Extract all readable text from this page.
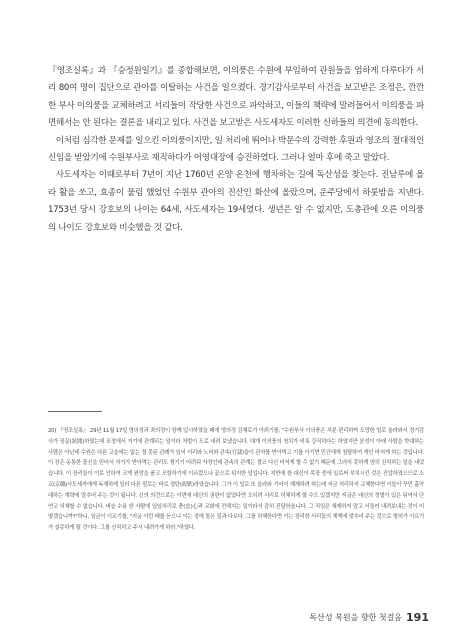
『영조실록』과 『승정원일기』를 종합해보면, 이의풍은 수원에 부임하여 관원들을 엄하게 다루다가 서리 80여 명이 집단으로 관아를 이탈하는 사건을 일으켰다. 경기감사로부터 사건을 보고받은 조정은, 깐깐한 부사 이의풍을 교체하려고 서리들이 작당한 사건으로 파악하고, 이들의 책략에 말려들어서 이의풍을 파면해서는 안 된다는 결론을 내리고 있다. 사건을 보고받은 사도세자도 이러한 신하들의 의견에 동의한다.

이처럼 심각한 문제를 일으킨 이의풍이지만, 일 처리에 뛰어나 박문수의 강력한 후원과 영조의 절대적인 신임을 받았기에 수원부사로 재직하다가 어영대장에 승진하였다. 그러나 얼마 후에 죽고 말았다.

사도세자는 이때로부터 7년이 지난 1760년 온양 온천에 행차하는 길에 독산성을 찾는다. 진남루에 올라 활을 쏘고, 효종이 물림 했었던 수원부 관아의 진산인 화산에 올랐으며, 운주당에서 하룻밤을 지낸다. 1753년 당시 강호보의 나이는 64세, 사도세자는 19세였다. 생년은 알 수 없지만, 도총관에 오른 이의풍의 나이도 강호보와 비슷했을 것 같다.

20) 『영조실록』 29년 11월 17일 영의정과 좌의정이 함께 입시하였을 때에 영의정 김재로가 아뢰기를, "수원부사 이의풍은 처분 편리하까 도망한 일로 올라와서 경기감사가 장문(狀聞)하였는데 조정에서 거기에 관계되는 일이라 처벌이 도로 내려 보냈습니다. 대개 이의풍의 청치가 비록 강직하다는 하였지만 본성이 아래 사람을 학대하는 사람은 아닌데 수원은 다른 고을에는 없는 절 못된 관례가 있어 서리와 노비와 관속(官隷)들이 관자를 받아먹고 기를 이기면 민간에게 침탈하여 개인 마저게 하는 것입니다. 이 장은 동통한 출신을 믿어서 자기가 받아먹는 관리도 챙기기 어려워 자정인데 관속의 관계는 결코 다신 마저게 할 수 없기 때문에 그러지 못하게 엄히 신칙하는 일을 내었습니다. 이 장리들이 이로 인하여 크게 원망을 품고 모함하기에 이르렀으나 끝으로 위지한 일입니다. 지반에 한 대신이 목장 중에 일로써 부치시킨 것은 진압하였으므로 소교(京職)사도세자에게 독재하게 일러 다른 말로는 바로 정탄(政歎)라였습니다. 그가 이 일로 또 올라와 기어이 제재하려 하는데 지금 처리하지 교체한다면 이들이 꾸민 흉악대하는 계략에 말추어 주는 것이 됩니다. 신의 의견으로는 이번에 대신의 권한이 없었다면 오히려 서리로 허체하게 할 수도 있겠지만 지금은 대신의 정벌이 있은 뒤여서 단연코 허체할 수 없습니다. 벼슬 수용 한 사람에 일임처리로 충(忠)心과 교화에 전해지는 일이라서 감히 진달하옵니다. 그 직일은 체재하지 말고 서둘러 내려보내는 것이 어떻겠습니까?"하니, 임금이 이르기를, "지금 이런 때를 듣으니 이는 정에 돌은 일과 다르다. 그를 허체한다면 이는 장리한 서리들의 계책에 맞추어 주는 것으로 형허가 이르기가 설총하게 될 것이다. 그를 신칙하고 주시 내려가게 하라."하였다.

독산성 복원을 향한 첫걸음 191
